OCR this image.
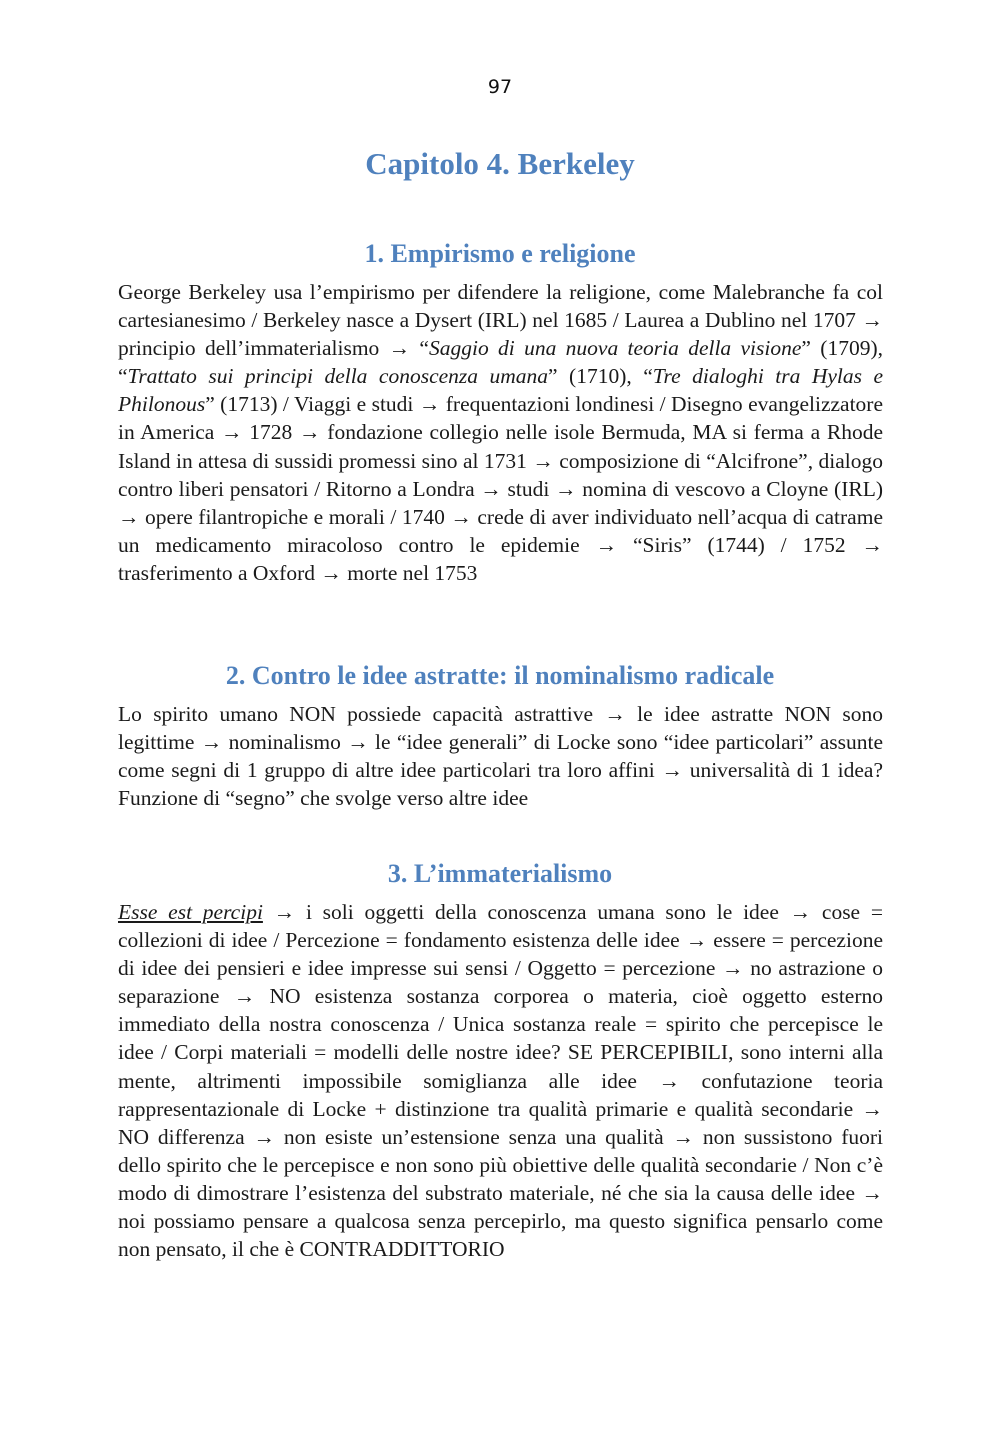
97
Capitolo 4. Berkeley
1. Empirismo e religione

George Berkeley usa l’empirismo per difendere la religione, come Malebranche fa col cartesianesimo / Berkeley nasce a Dysert (IRL) nel 1685 / Laurea a Dublino nel 1707 → principio dell’immaterialismo → “Saggio di una nuova teoria della visione” (1709), “Trattato sui principi della conoscenza umana” (1710), “Tre dialoghi tra Hylas e Philonous” (1713) / Viaggi e studi → frequentazioni londinesi / Disegno evangelizzatore in America → 1728 → fondazione collegio nelle isole Bermuda, MA si ferma a Rhode Island in attesa di sussidi promessi sino al 1731 → composizione di “Alcifrone”, dialogo contro liberi pensatori / Ritorno a Londra → studi → nomina di vescovo a Cloyne (IRL) → opere filantropiche e morali / 1740 → crede di aver individuato nell’acqua di catrame un medicamento miracoloso contro le epidemie → “Siris” (1744) / 1752 → trasferimento a Oxford → morte nel 1753

2. Contro le idee astratte: il nominalismo radicale

Lo spirito umano NON possiede capacità astrattive → le idee astratte NON sono legittime → nominalismo → le “idee generali” di Locke sono “idee particolari” assunte come segni di 1 gruppo di altre idee particolari tra loro affini → universalità di 1 idea? Funzione di “segno” che svolge verso altre idee

3. L’immaterialismo

Esse est percipi → i soli oggetti della conoscenza umana sono le idee → cose = collezioni di idee / Percezione = fondamento esistenza delle idee → essere = percezione di idee dei pensieri e idee impresse sui sensi / Oggetto = percezione → no astrazione o separazione → NO esistenza sostanza corporea o materia, cioè oggetto esterno immediato della nostra conoscenza / Unica sostanza reale = spirito che percepisce le idee / Corpi materiali = modelli delle nostre idee? SE PERCEPIBILI, sono interni alla mente, altrimenti impossibile somiglianza alle idee → confutazione teoria rappresentazionale di Locke + distinzione tra qualità primarie e qualità secondarie → NO differenza → non esiste un’estensione senza una qualità → non sussistono fuori dello spirito che le percepisce e non sono più obiettive delle qualità secondarie / Non c’è modo di dimostrare l’esistenza del substrato materiale, né che sia la causa delle idee → noi possiamo pensare a qualcosa senza percepirlo, ma questo significa pensarlo come non pensato, il che è CONTRADDITTORIO
